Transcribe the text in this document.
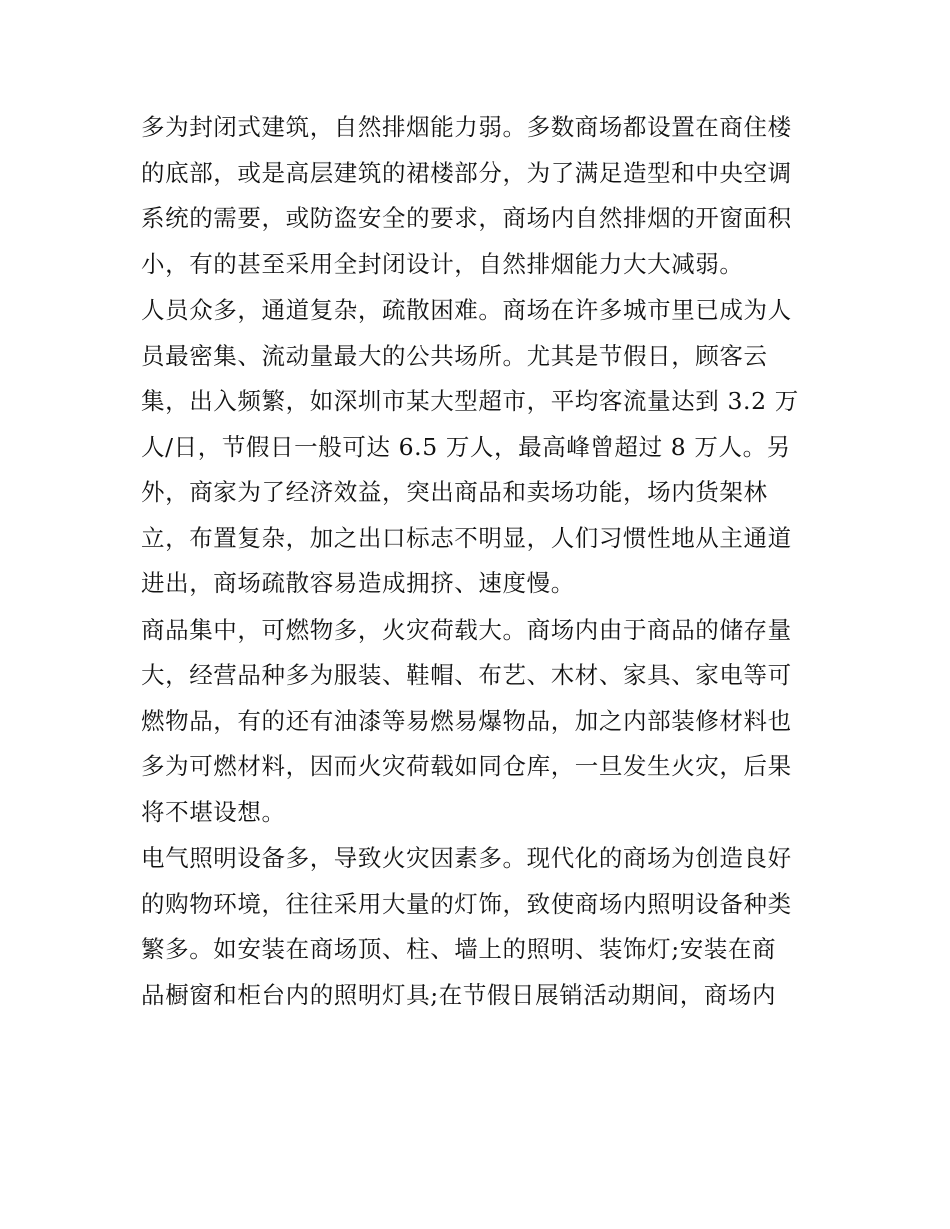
多为封闭式建筑，自然排烟能力弱。多数商场都设置在商住楼
的底部，或是高层建筑的裙楼部分，为了满足造型和中央空调
系统的需要，或防盗安全的要求，商场内自然排烟的开窗面积
小，有的甚至采用全封闭设计，自然排烟能力大大减弱。

人员众多，通道复杂，疏散困难。商场在许多城市里已成为人
员最密集、流动量最大的公共场所。尤其是节假日，顾客云
集，出入频繁，如深圳市某大型超市，平均客流量达到 3.2 万
人/日，节假日一般可达 6.5 万人，最高峰曾超过 8 万人。另
外，商家为了经济效益，突出商品和卖场功能，场内货架林
立，布置复杂，加之出口标志不明显，人们习惯性地从主通道
进出，商场疏散容易造成拥挤、速度慢。

商品集中，可燃物多，火灾荷载大。商场内由于商品的储存量
大，经营品种多为服装、鞋帽、布艺、木材、家具、家电等可
燃物品，有的还有油漆等易燃易爆物品，加之内部装修材料也
多为可燃材料，因而火灾荷载如同仓库，一旦发生火灾，后果
将不堪设想。

电气照明设备多，导致火灾因素多。现代化的商场为创造良好
的购物环境，往往采用大量的灯饰，致使商场内照明设备种类
繁多。如安装在商场顶、柱、墙上的照明、装饰灯;安装在商
品橱窗和柜台内的照明灯具;在节假日展销活动期间，商场内
